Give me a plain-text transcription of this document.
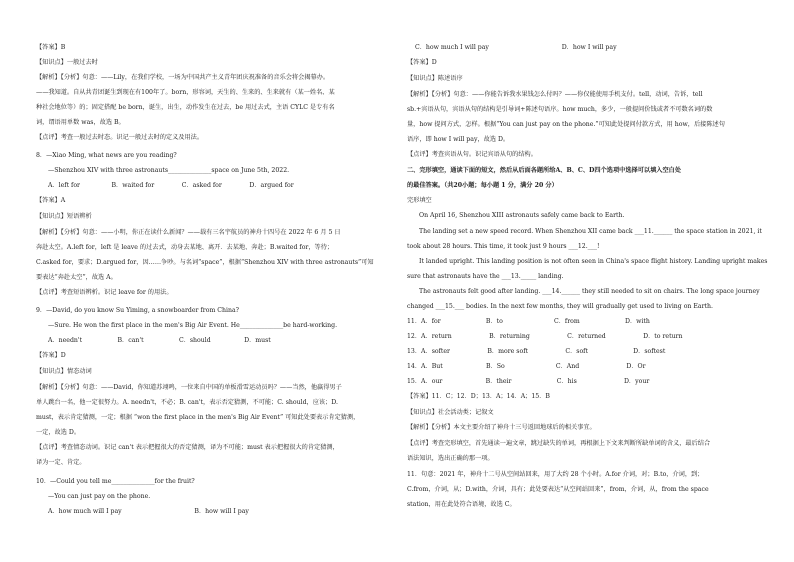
【答案】B
【知识点】一般过去时
【解析】【分析】句意：——Lily，在我们学校，一场为中国共产主义青年团庆祝准备的音乐会将会揭幕办。
——我知道。自从共青团诞生到现在有100年了。born，形容词，天生的、生来的、生来就有（某一姓名、某
种社会地位等）的；固定搭配 be born，诞生，出生，动作发生在过去，be 用过去式，主语 CYLC 是专有名
词，谓语用单数 was，故选 B。
【点评】考查一般过去时态。识记一般过去时的定义及用法。
8．—Xiao Ming, what news are you reading?
—Shenzhou XIV with three astronauts______________space on June 5th, 2022.
A．left for                B．waited for              C．asked for              D．argued for
【答案】A
【知识点】短语辨析
【解析】【分析】句意：——小明，你正在读什么新闻？——载有三名宇航员的神舟十四号在 2022 年 6 月 5 日
奔赴太空。A.left for，left 是 leave 的过去式，动身去某地、离开．去某地、奔赴；B.waited for，等待；
C.asked for，要求；D.argued for，因……争吵。与名词“space”，根据“Shenzhou XIV with three astronauts”可知
要表达“奔赴太空”，故选 A。
【点评】考查短语辨析。识记 leave for 的用法。
9．—David, do you know Su Yiming, a snowboarder from China?
—Sure. He won the first place in the men's Big Air Event. He______________be hard-working.
A．needn't                  B．can't                  C．should                 D．must
【答案】D
【知识点】情态动词
【解析】【分析】句意：——David，你知道苏翊鸣，一位来自中国的单板滑雪运动员吗？——当然，他赢得男子
单人跳台一名，他一定很努力。A. needn't，不必；B. can't，表示否定猜测，不可能；C. should，应该；D.
must，表示肯定猜测，一定；根据 “won the first place in the men's Big Air Event” 可知此处要表示肯定猜测，
一定，故选 D。
【点评】考查情态动词。识记 can't 表示把握很大的否定猜测，译为不可能；must 表示把握很大的肯定猜测，
译为一定、肯定。
10．—Could you tell me______________for the fruit?
—You can just pay on the phone.
A．how much will I pay                                     B．how will I pay
C．how much I will pay                                     D．how I will pay
【答案】D
【知识点】陈述语序
【解析】【分析】句意：——你能告诉我水果钱怎么付吗？——你仅能使用手机支付。tell，动词，告诉，tell
sb.+宾语从句，宾语从句的结构是引导词+陈述句语序。how much，多少，一般提问价钱或者不可数名词的数
量，how 提问方式，怎样。根据“You can just pay on the phone.”可知此处提问付款方式，用 how，后接陈述句
语序，即 how I will pay，故选 D。
【点评】考查宾语从句。识记宾语从句的结构。
二、完形填空，通读下面的短文，然后从后面各题所给A、B、C、D四个选项中选择可以填入空白处
的最佳答案。（共20小题；每小题 1 分，满分 20 分）
完形填空
On April 16, Shenzhou XIII astronauts safely came back to Earth.
The landing set a new speed record. When Shenzhou XII came back ___11.______ the space station in 2021, it
took about 28 hours. This time, it took just 9 hours ___12.___!
It landed upright. This landing position is not often seen in China's space flight history. Landing upright makes
sure that astronauts have the ___13._____ landing.
The astronauts felt good after landing. ___14.______ they still needed to sit on chairs. The long space journey
changed ___15.___ bodies. In the next few months, they will gradually get used to living on Earth.
11．A．for                       B．to                          C．from                       D．with
12．A．return                   B．returning                   C．returned                   D．to return
13．A．softer                   B．more soft                   C．soft                       D．softest
14．A．But                      B．So                          C．And                        D．Or
15．A．our                      B．their                       C．his                        D．your
【答案】11．C；12．D；13．A；14．A；15．B
【知识点】社会活动类；记叙文
【解析】【分析】本文主要介绍了神舟十三号返回地球后的相关事宜。
【点评】考查完形填空，首先通读一遍文章，跳过缺失的单词，再根据上下文来判断所缺单词的含义，最后结合
语法知识，选出正确的那一项。
11．句意：2021 年，神舟十二号从空间站回来，用了大约 28 个小时。A.for 介词，对；B.to，介词，到；
C.from，介词，从；D.with，介词，具有；此处要表达“从空间站回来”，from，介词，从，from the space
station，用在此处符合语境，故选 C。
